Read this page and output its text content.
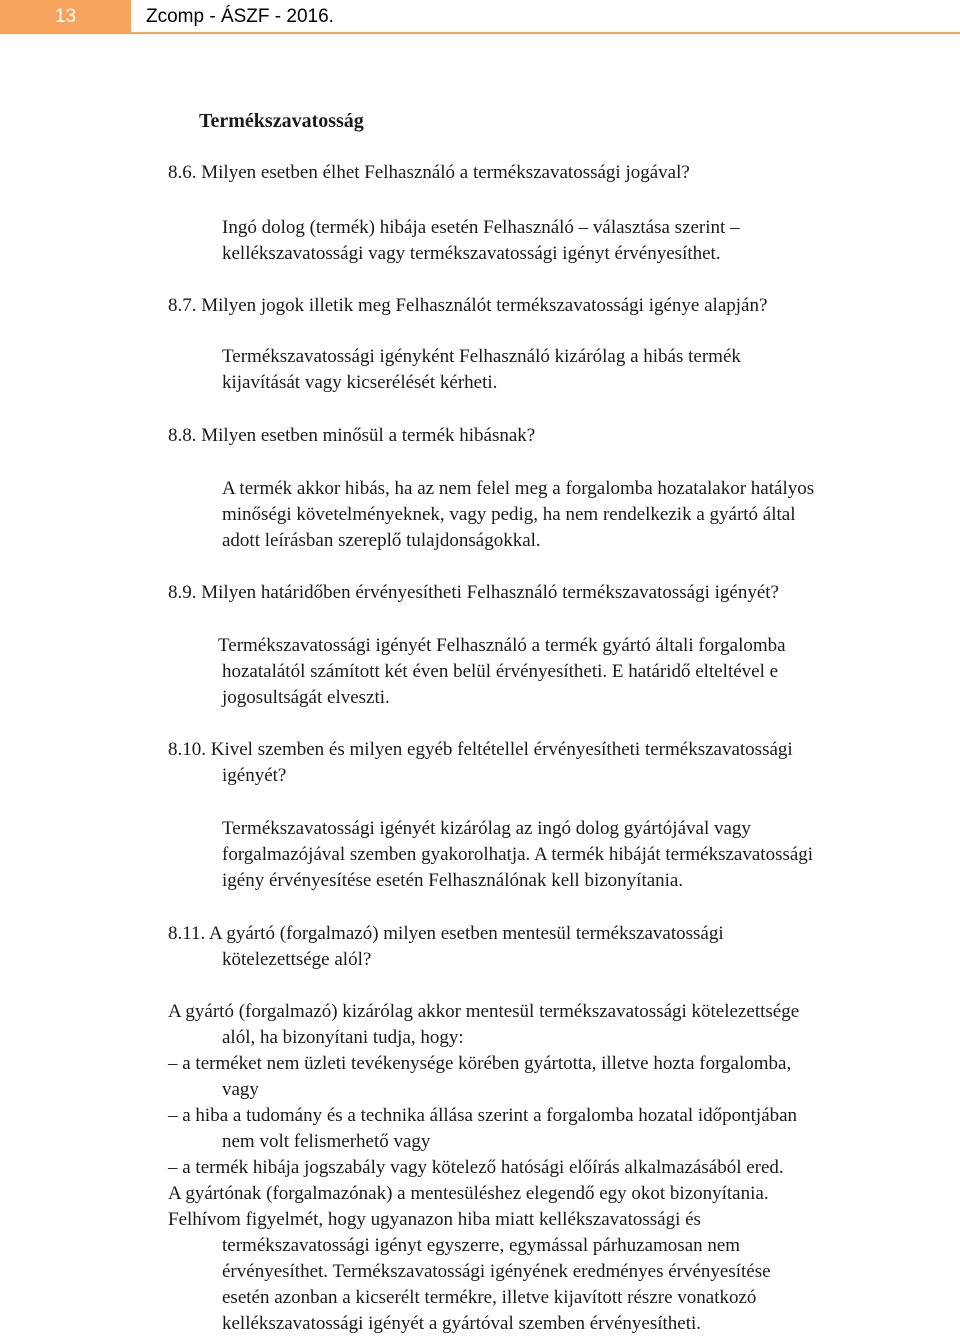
13	Zcomp - ÁSZF - 2016.
Termékszavatosság
8.6. Milyen esetben élhet Felhasználó a termékszavatossági jogával?
Ingó dolog (termék) hibája esetén Felhasználó – választása szerint –
kellékszavatossági vagy termékszavatossági igényt érvényesíthet.
8.7. Milyen jogok illetik meg Felhasználót termékszavatossági igénye alapján?
Termékszavatossági igényként Felhasználó kizárólag a hibás termék
kijavítását vagy kicserélését kérheti.
8.8. Milyen esetben minősül a termék hibásnak?
A termék akkor hibás, ha az nem felel meg a forgalomba hozatalakor hatályos
minőségi követelményeknek, vagy pedig, ha nem rendelkezik a gyártó által
adott leírásban szereplő tulajdonságokkal.
8.9. Milyen határidőben érvényesítheti Felhasználó termékszavatossági igényét?
Termékszavatossági igényét Felhasználó a termék gyártó általi forgalomba
hozatalától számított két éven belül érvényesítheti. E határidő elteltével e
jogosultságát elveszti.
8.10. Kivel szemben és milyen egyéb feltétellel érvényesítheti termékszavatossági
igényét?
Termékszavatossági igényét kizárólag az ingó dolog gyártójával vagy
forgalmazójával szemben gyakorolhatja. A termék hibáját termékszavatossági
igény érvényesítése esetén Felhasználónak kell bizonyítania.
8.11. A gyártó (forgalmazó) milyen esetben mentesül termékszavatossági
kötelezettsége alól?
A gyártó (forgalmazó) kizárólag akkor mentesül termékszavatossági kötelezettsége
alól, ha bizonyítani tudja, hogy:
– a terméket nem üzleti tevékenysége körében gyártotta, illetve hozta forgalomba,
vagy
– a hiba a tudomány és a technika állása szerint a forgalomba hozatal időpontjában
nem volt felismerhető vagy
– a termék hibája jogszabály vagy kötelező hatósági előírás alkalmazásából ered.
A gyártónak (forgalmazónak) a mentesüléshez elegendő egy okot bizonyítania.
Felhívom figyelmét, hogy ugyanazon hiba miatt kellékszavatossági és
termékszavatossági igényt egyszerre, egymással párhuzamosan nem
érvényesíthet. Termékszavatossági igényének eredményes érvényesítése
esetén azonban a kicserélt termékre, illetve kijavított részre vonatkozó
kellékszavatossági igényét a gyártóval szemben érvényesítheti.
